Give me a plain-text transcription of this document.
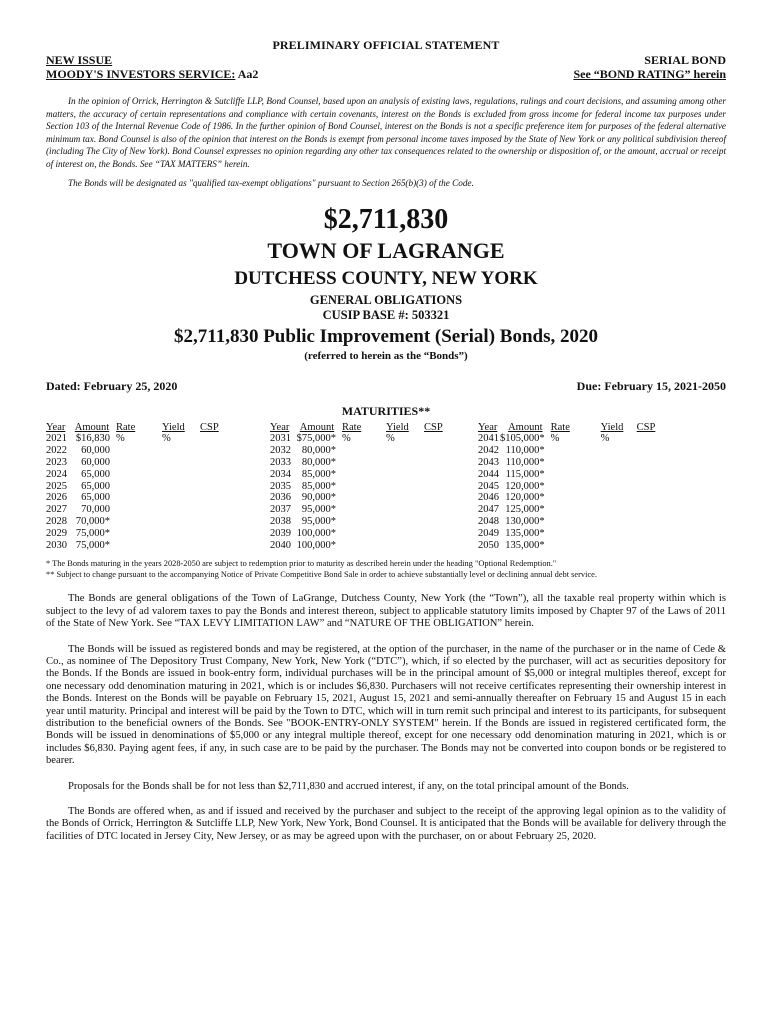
PRELIMINARY OFFICIAL STATEMENT
NEW ISSUE	SERIAL BOND
MOODY'S INVESTORS SERVICE: Aa2	See “BOND RATING” herein
In the opinion of Orrick, Herrington & Sutcliffe LLP, Bond Counsel, based upon an analysis of existing laws, regulations, rulings and court decisions, and assuming among other matters, the accuracy of certain representations and compliance with certain covenants, interest on the Bonds is excluded from gross income for federal income tax purposes under Section 103 of the Internal Revenue Code of 1986. In the further opinion of Bond Counsel, interest on the Bonds is not a specific preference item for purposes of the federal alternative minimum tax. Bond Counsel is also of the opinion that interest on the Bonds is exempt from personal income taxes imposed by the State of New York or any political subdivision thereof (including The City of New York). Bond Counsel expresses no opinion regarding any other tax consequences related to the ownership or disposition of, or the amount, accrual or receipt of interest on, the Bonds. See “TAX MATTERS” herein.
The Bonds will be designated as "qualified tax-exempt obligations" pursuant to Section 265(b)(3) of the Code.
$2,711,830
TOWN OF LAGRANGE
DUTCHESS COUNTY, NEW YORK
GENERAL OBLIGATIONS
CUSIP BASE #: 503321
$2,711,830 Public Improvement (Serial) Bonds, 2020
(referred to herein as the “Bonds”)
Dated: February 25, 2020	Due: February 15, 2021-2050
MATURITIES**
Year	Amount	Rate	Yield	CSP		Year	Amount	Rate	Yield	CSP		Year	Amount	Rate	Yield	CSP
2021	$16,830	%	%			2031	$75,000*	%	%			2041	$105,000*	%	%	
2022	60,000					2032	80,000*					2042	110,000*			
2023	60,000					2033	80,000*					2043	110,000*			
2024	65,000					2034	85,000*					2044	115,000*			
2025	65,000					2035	85,000*					2045	120,000*			
2026	65,000					2036	90,000*					2046	120,000*			
2027	70,000					2037	95,000*					2047	125,000*			
2028	70,000*					2038	95,000*					2048	130,000*			
2029	75,000*					2039	100,000*					2049	135,000*			
2030	75,000*					2040	100,000*					2050	135,000*			
* The Bonds maturing in the years 2028-2050 are subject to redemption prior to maturity as described herein under the heading "Optional Redemption."
** Subject to change pursuant to the accompanying Notice of Private Competitive Bond Sale in order to achieve substantially level or declining annual debt service.
The Bonds are general obligations of the Town of LaGrange, Dutchess County, New York (the “Town”), all the taxable real property within which is subject to the levy of ad valorem taxes to pay the Bonds and interest thereon, subject to applicable statutory limits imposed by Chapter 97 of the Laws of 2011 of the State of New York. See “TAX LEVY LIMITATION LAW” and “NATURE OF THE OBLIGATION” herein.
The Bonds will be issued as registered bonds and may be registered, at the option of the purchaser, in the name of the purchaser or in the name of Cede & Co., as nominee of The Depository Trust Company, New York, New York (“DTC”), which, if so elected by the purchaser, will act as securities depository for the Bonds. If the Bonds are issued in book-entry form, individual purchases will be in the principal amount of $5,000 or integral multiples thereof, except for one necessary odd denomination maturing in 2021, which is or includes $6,830. Purchasers will not receive certificates representing their ownership interest in the Bonds. Interest on the Bonds will be payable on February 15, 2021, August 15, 2021 and semi-annually thereafter on February 15 and August 15 in each year until maturity. Principal and interest will be paid by the Town to DTC, which will in turn remit such principal and interest to its participants, for subsequent distribution to the beneficial owners of the Bonds. See "BOOK-ENTRY-ONLY SYSTEM" herein. If the Bonds are issued in registered certificated form, the Bonds will be issued in denominations of $5,000 or any integral multiple thereof, except for one necessary odd denomination maturing in 2021, which is or includes $6,830. Paying agent fees, if any, in such case are to be paid by the purchaser. The Bonds may not be converted into coupon bonds or be registered to bearer.
Proposals for the Bonds shall be for not less than $2,711,830 and accrued interest, if any, on the total principal amount of the Bonds.
The Bonds are offered when, as and if issued and received by the purchaser and subject to the receipt of the approving legal opinion as to the validity of the Bonds of Orrick, Herrington & Sutcliffe LLP, New York, New York, Bond Counsel. It is anticipated that the Bonds will be available for delivery through the facilities of DTC located in Jersey City, New Jersey, or as may be agreed upon with the purchaser, on or about February 25, 2020.
